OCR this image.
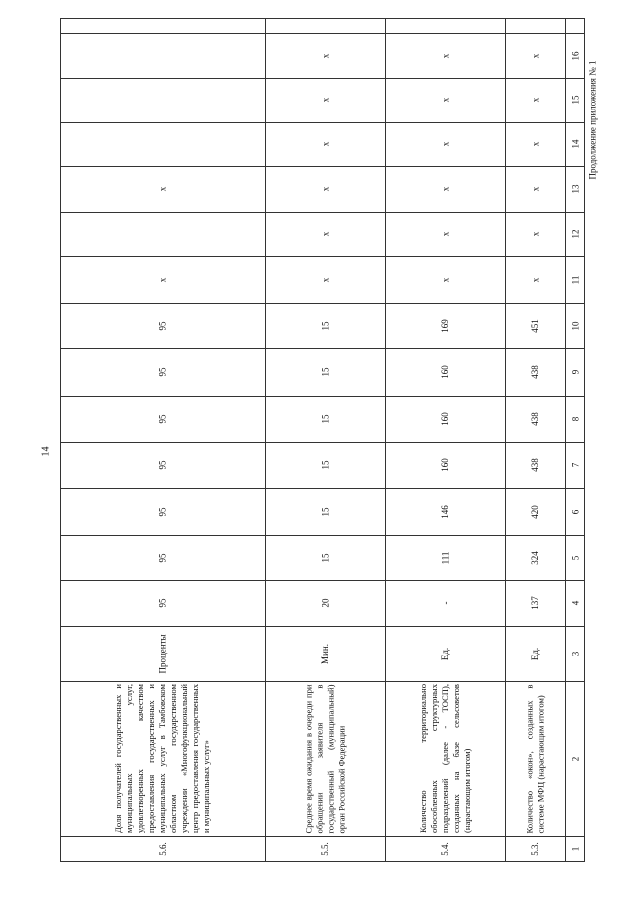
14
Продолжение приложения № 1
1
2
3
4
5
6
7
8
9
10
11
12
13
14
15
16
5.3.
Количество «окон», созданных в системе МФЦ (нарастающим итогом)
Ед.
137
324
420
438
438
438
451
x
x
x
x
x
x
5.4.
Количество территориально обособленных структурных подразделений (далее - ТОСП), созданных на базе сельсоветов (нарастающим итогом)
Ед.
-
111
146
160
160
160
169
x
x
x
x
x
x
5.5.
Среднее время ожидания в очереди при обращении заявителя в государственный (муниципальный) орган Российской Федерации
Мин.
20
15
15
15
15
15
15
x
x
x
x
x
x
5.6.
Доля получателей государственных и муниципальных услуг, удовлетворенных качеством предоставления государственных и муниципальных услуг в Тамбовском областном государственном учреждении «Многофункциональный центр предоставления государственных и муниципальных услуг»
Проценты
95
95
95
95
95
95
95
x
x
